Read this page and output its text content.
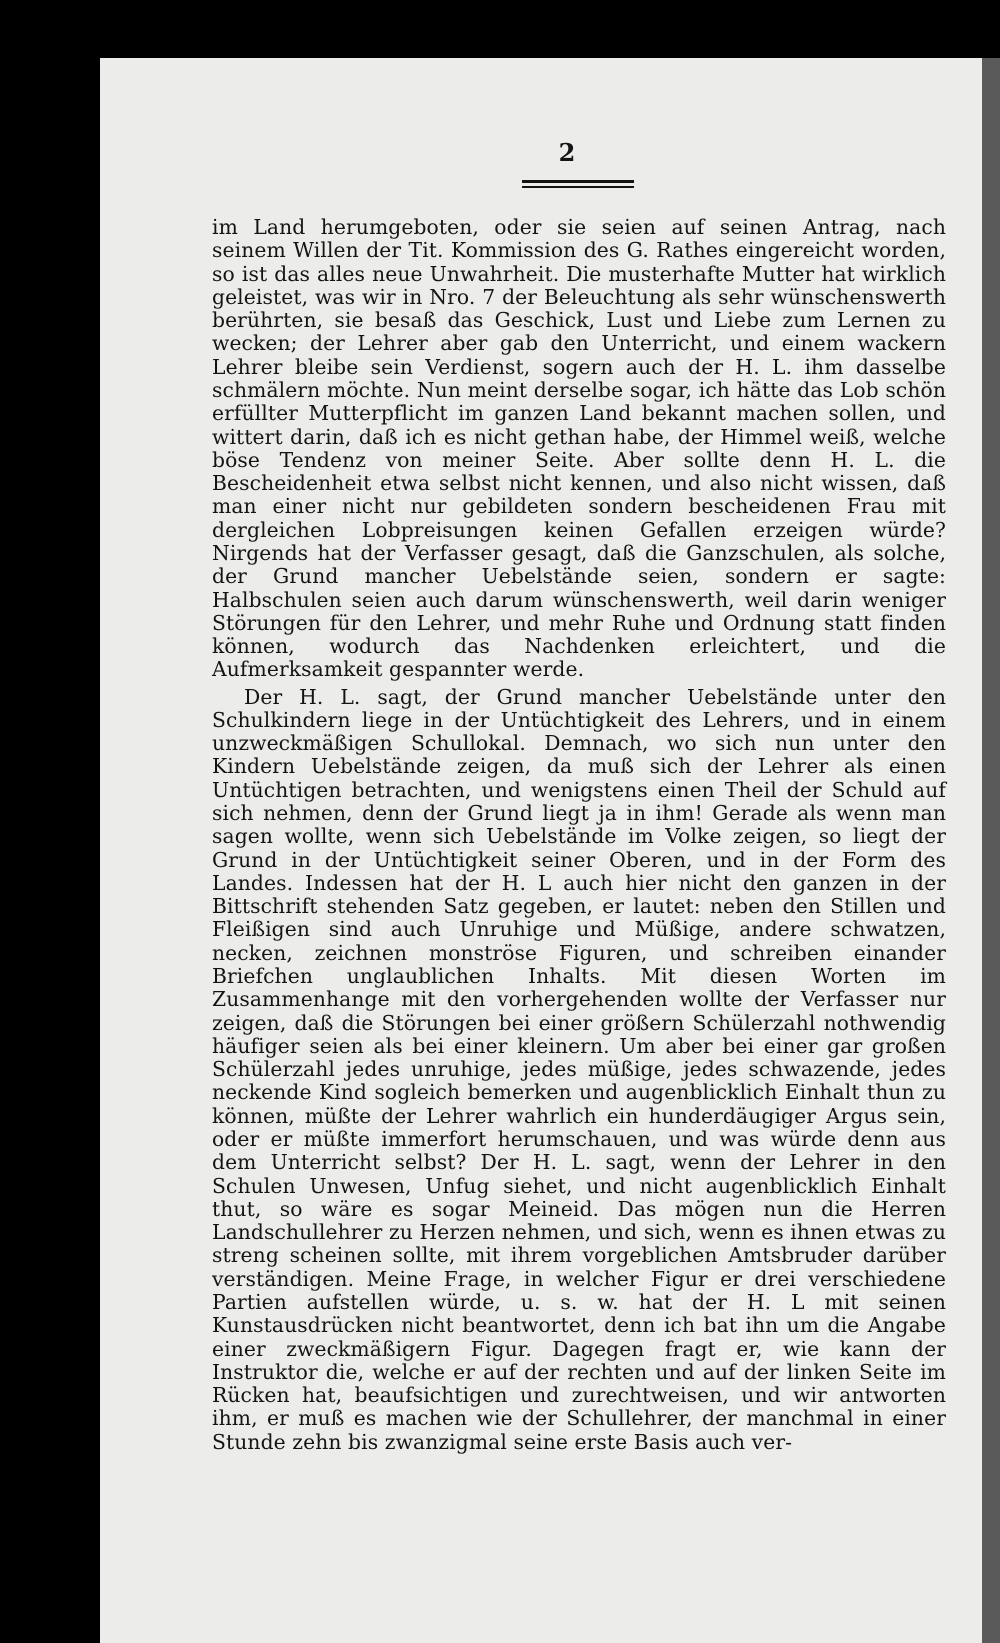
2

im Land herumgeboten, oder sie seien auf seinen Antrag, nach seinem Willen der Tit. Kommission des G. Rathes eingereicht worden, so ist das alles neue Unwahrheit. Die musterhafte Mutter hat wirklich geleistet, was wir in Nro. 7 der Beleuchtung als sehr wünschenswerth berührten, sie besaß das Geschick, Lust und Liebe zum Lernen zu wecken; der Lehrer aber gab den Unterricht, und einem wackern Lehrer bleibe sein Verdienst, sogern auch der H. L. ihm dasselbe schmälern möchte. Nun meint derselbe sogar, ich hätte das Lob schön erfüllter Mutterpflicht im ganzen Land bekannt machen sollen, und wittert darin, daß ich es nicht gethan habe, der Himmel weiß, welche böse Tendenz von meiner Seite. Aber sollte denn H. L. die Bescheidenheit etwa selbst nicht kennen, und also nicht wissen, daß man einer nicht nur gebildeten sondern bescheidenen Frau mit dergleichen Lobpreisungen keinen Gefallen erzeigen würde? Nirgends hat der Verfasser gesagt, daß die Ganzschulen, als solche, der Grund mancher Uebelstände seien, sondern er sagte: Halbschulen seien auch darum wünschenswerth, weil darin weniger Störungen für den Lehrer, und mehr Ruhe und Ordnung statt finden können, wodurch das Nachdenken erleichtert, und die Aufmerksamkeit gespannter werde.

Der H. L. sagt, der Grund mancher Uebelstände unter den Schulkindern liege in der Untüchtigkeit des Lehrers, und in einem unzweckmäßigen Schullokal. Demnach, wo sich nun unter den Kindern Uebelstände zeigen, da muß sich der Lehrer als einen Untüchtigen betrachten, und wenigstens einen Theil der Schuld auf sich nehmen, denn der Grund liegt ja in ihm! Gerade als wenn man sagen wollte, wenn sich Uebelstände im Volke zeigen, so liegt der Grund in der Untüchtigkeit seiner Oberen, und in der Form des Landes. Indessen hat der H. L auch hier nicht den ganzen in der Bittschrift stehenden Satz gegeben, er lautet: neben den Stillen und Fleißigen sind auch Unruhige und Müßige, andere schwatzen, necken, zeichnen monströse Figuren, und schreiben einander Briefchen unglaublichen Inhalts. Mit diesen Worten im Zusammenhange mit den vorhergehenden wollte der Verfasser nur zeigen, daß die Störungen bei einer größern Schülerzahl nothwendig häufiger seien als bei einer kleinern. Um aber bei einer gar großen Schülerzahl jedes unruhige, jedes müßige, jedes schwazende, jedes neckende Kind sogleich bemerken und augenblicklich Einhalt thun zu können, müßte der Lehrer wahrlich ein hunderdäugiger Argus sein, oder er müßte immerfort herumschauen, und was würde denn aus dem Unterricht selbst? Der H. L. sagt, wenn der Lehrer in den Schulen Unwesen, Unfug siehet, und nicht augenblicklich Einhalt thut, so wäre es sogar Meineid. Das mögen nun die Herren Landschullehrer zu Herzen nehmen, und sich, wenn es ihnen etwas zu streng scheinen sollte, mit ihrem vorgeblichen Amtsbruder darüber verständigen. Meine Frage, in welcher Figur er drei verschiedene Partien aufstellen würde, u. s. w. hat der H. L mit seinen Kunstausdrücken nicht beantwortet, denn ich bat ihn um die Angabe einer zweckmäßigern Figur. Dagegen fragt er, wie kann der Instruktor die, welche er auf der rechten und auf der linken Seite im Rücken hat, beaufsichtigen und zurechtweisen, und wir antworten ihm, er muß es machen wie der Schullehrer, der manchmal in einer Stunde zehn bis zwanzigmal seine erste Basis auch ver-
